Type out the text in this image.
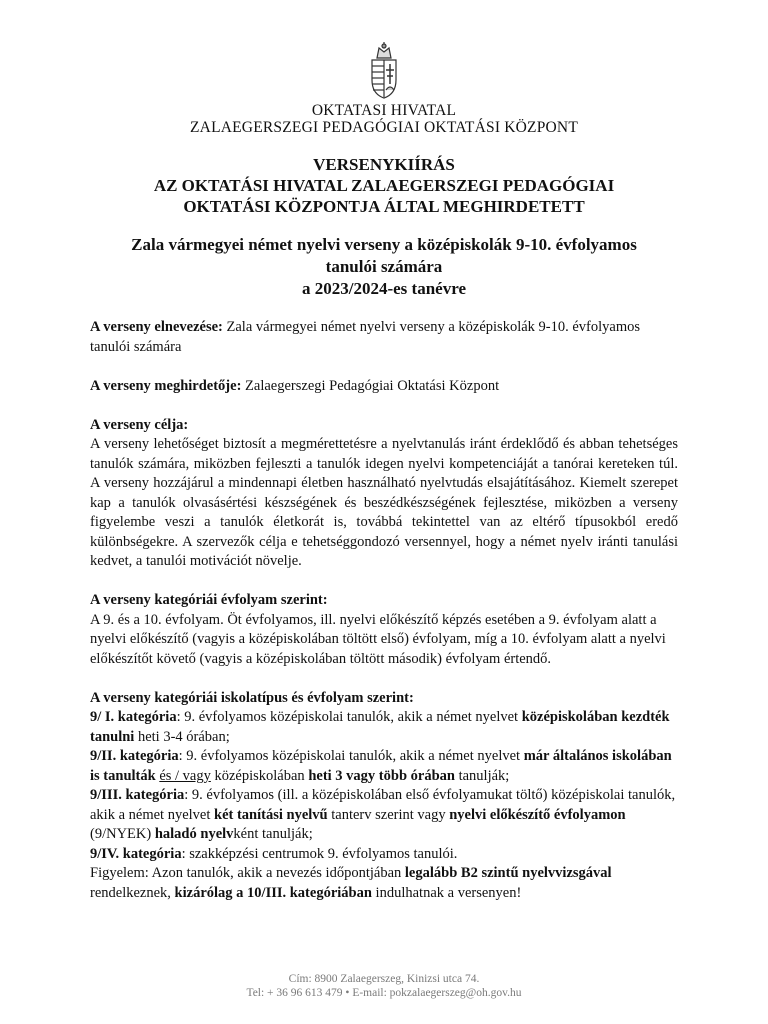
OKTATASI HIVATAL
ZALAEGERSZEGI PEDAGÓGIAI OKTATÁSI KÖZPONT
VERSENYKIÍRÁS
AZ OKTATÁSI HIVATAL ZALAEGERSZEGI PEDAGÓGIAI
OKTATÁSI KÖZPONTJA ÁLTAL MEGHIRDETETT
Zala vármegyei német nyelvi verseny a középiskolák 9-10. évfolyamos
tanulói számára
a 2023/2024-es tanévre

A verseny elnevezése: Zala vármegyei német nyelvi verseny a középiskolák 9-10. évfolyamos tanulói számára

A verseny meghirdetője: Zalaegerszegi Pedagógiai Oktatási Központ

A verseny célja:

A verseny lehetőséget biztosít a megmérettetésre a nyelvtanulás iránt érdeklődő és abban tehetséges tanulók számára, miközben fejleszti a tanulók idegen nyelvi kompetenciáját a tanórai kereteken túl. A verseny hozzájárul a mindennapi életben használható nyelvtudás elsajátításához. Kiemelt szerepet kap a tanulók olvasásértési készségének és beszédkészségének fejlesztése, miközben a verseny figyelembe veszi a tanulók életkorát is, továbbá tekintettel van az eltérő típusokból eredő különbségekre. A szervezők célja e tehetséggondozó versennyel, hogy a német nyelv iránti tanulási kedvet, a tanulói motivációt növelje.

A verseny kategóriái évfolyam szerint:

A 9. és a 10. évfolyam. Öt évfolyamos, ill. nyelvi előkészítő képzés esetében a 9. évfolyam alatt a nyelvi előkészítő (vagyis a középiskolában töltött első) évfolyam, míg a 10. évfolyam alatt a nyelvi előkészítőt követő (vagyis a középiskolában töltött második) évfolyam értendő.

A verseny kategóriái iskolatípus és évfolyam szerint:

9/ I. kategória: 9. évfolyamos középiskolai tanulók, akik a német nyelvet középiskolában kezdték tanulni heti 3-4 órában;

9/II. kategória: 9. évfolyamos középiskolai tanulók, akik a német nyelvet már általános iskolában is tanulták és / vagy középiskolában heti 3 vagy több órában tanulják;

9/III. kategória: 9. évfolyamos (ill. a középiskolában első évfolyamukat töltő) középiskolai tanulók, akik a német nyelvet két tanítási nyelvű tanterv szerint vagy nyelvi előkészítő évfolyamon (9/NYEK) haladó nyelvként tanulják;

9/IV. kategória: szakképzési centrumok 9. évfolyamos tanulói.

Figyelem: Azon tanulók, akik a nevezés időpontjában legalább B2 szintű nyelvvizsgával rendelkeznek, kizárólag a 10/III. kategóriában indulhatnak a versenyen!

Cím: 8900 Zalaegerszeg, Kinizsi utca 74.
Tel: + 36 96 613 479 • E-mail: pokzalaegerszeg@oh.gov.hu
